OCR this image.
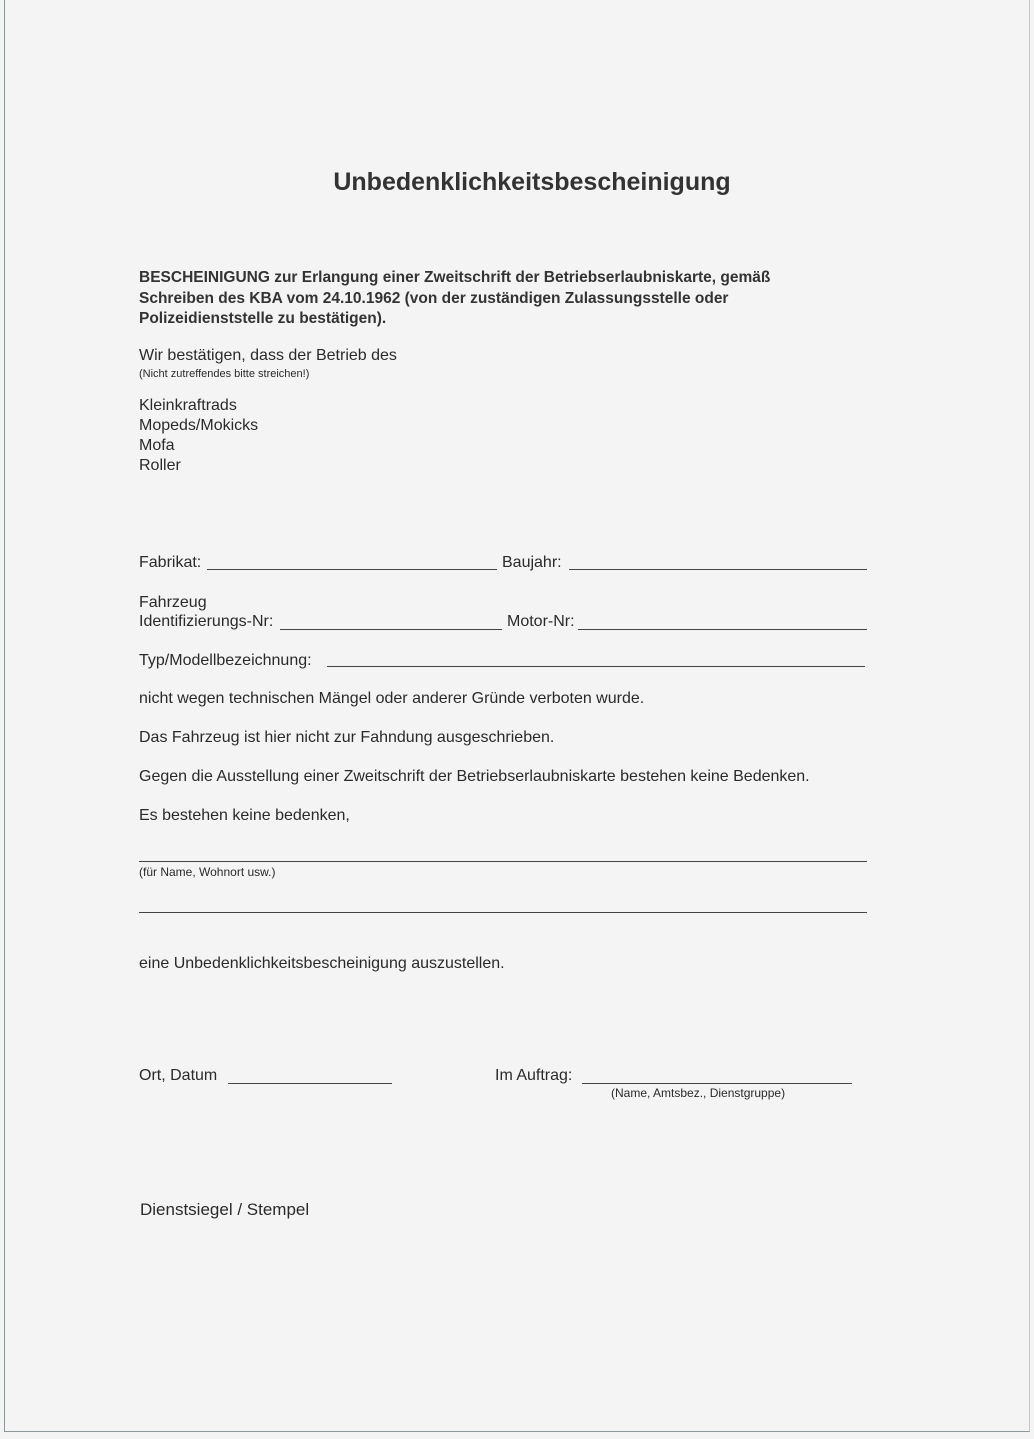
Unbedenklichkeitsbescheinigung
BESCHEINIGUNG zur Erlangung einer Zweitschrift der Betriebserlaubniskarte, gemäß
Schreiben des KBA vom 24.10.1962 (von der zuständigen Zulassungsstelle oder
Polizeidienststelle zu bestätigen).
Wir bestätigen, dass der Betrieb des
(Nicht zutreffendes bitte streichen!)
Kleinkraftrads
Mopeds/Mokicks
Mofa
Roller
Fabrikat:	Baujahr:
Fahrzeug
Identifizierungs-Nr:	Motor-Nr:
Typ/Modellbezeichnung:
nicht wegen technischen Mängel oder anderer Gründe verboten wurde.
Das Fahrzeug ist hier nicht zur Fahndung ausgeschrieben.
Gegen die Ausstellung einer Zweitschrift der Betriebserlaubniskarte bestehen keine Bedenken.
Es bestehen keine bedenken,
(für Name, Wohnort usw.)
eine Unbedenklichkeitsbescheinigung auszustellen.
Ort, Datum	Im Auftrag:
(Name, Amtsbez., Dienstgruppe)
Dienstsiegel / Stempel
